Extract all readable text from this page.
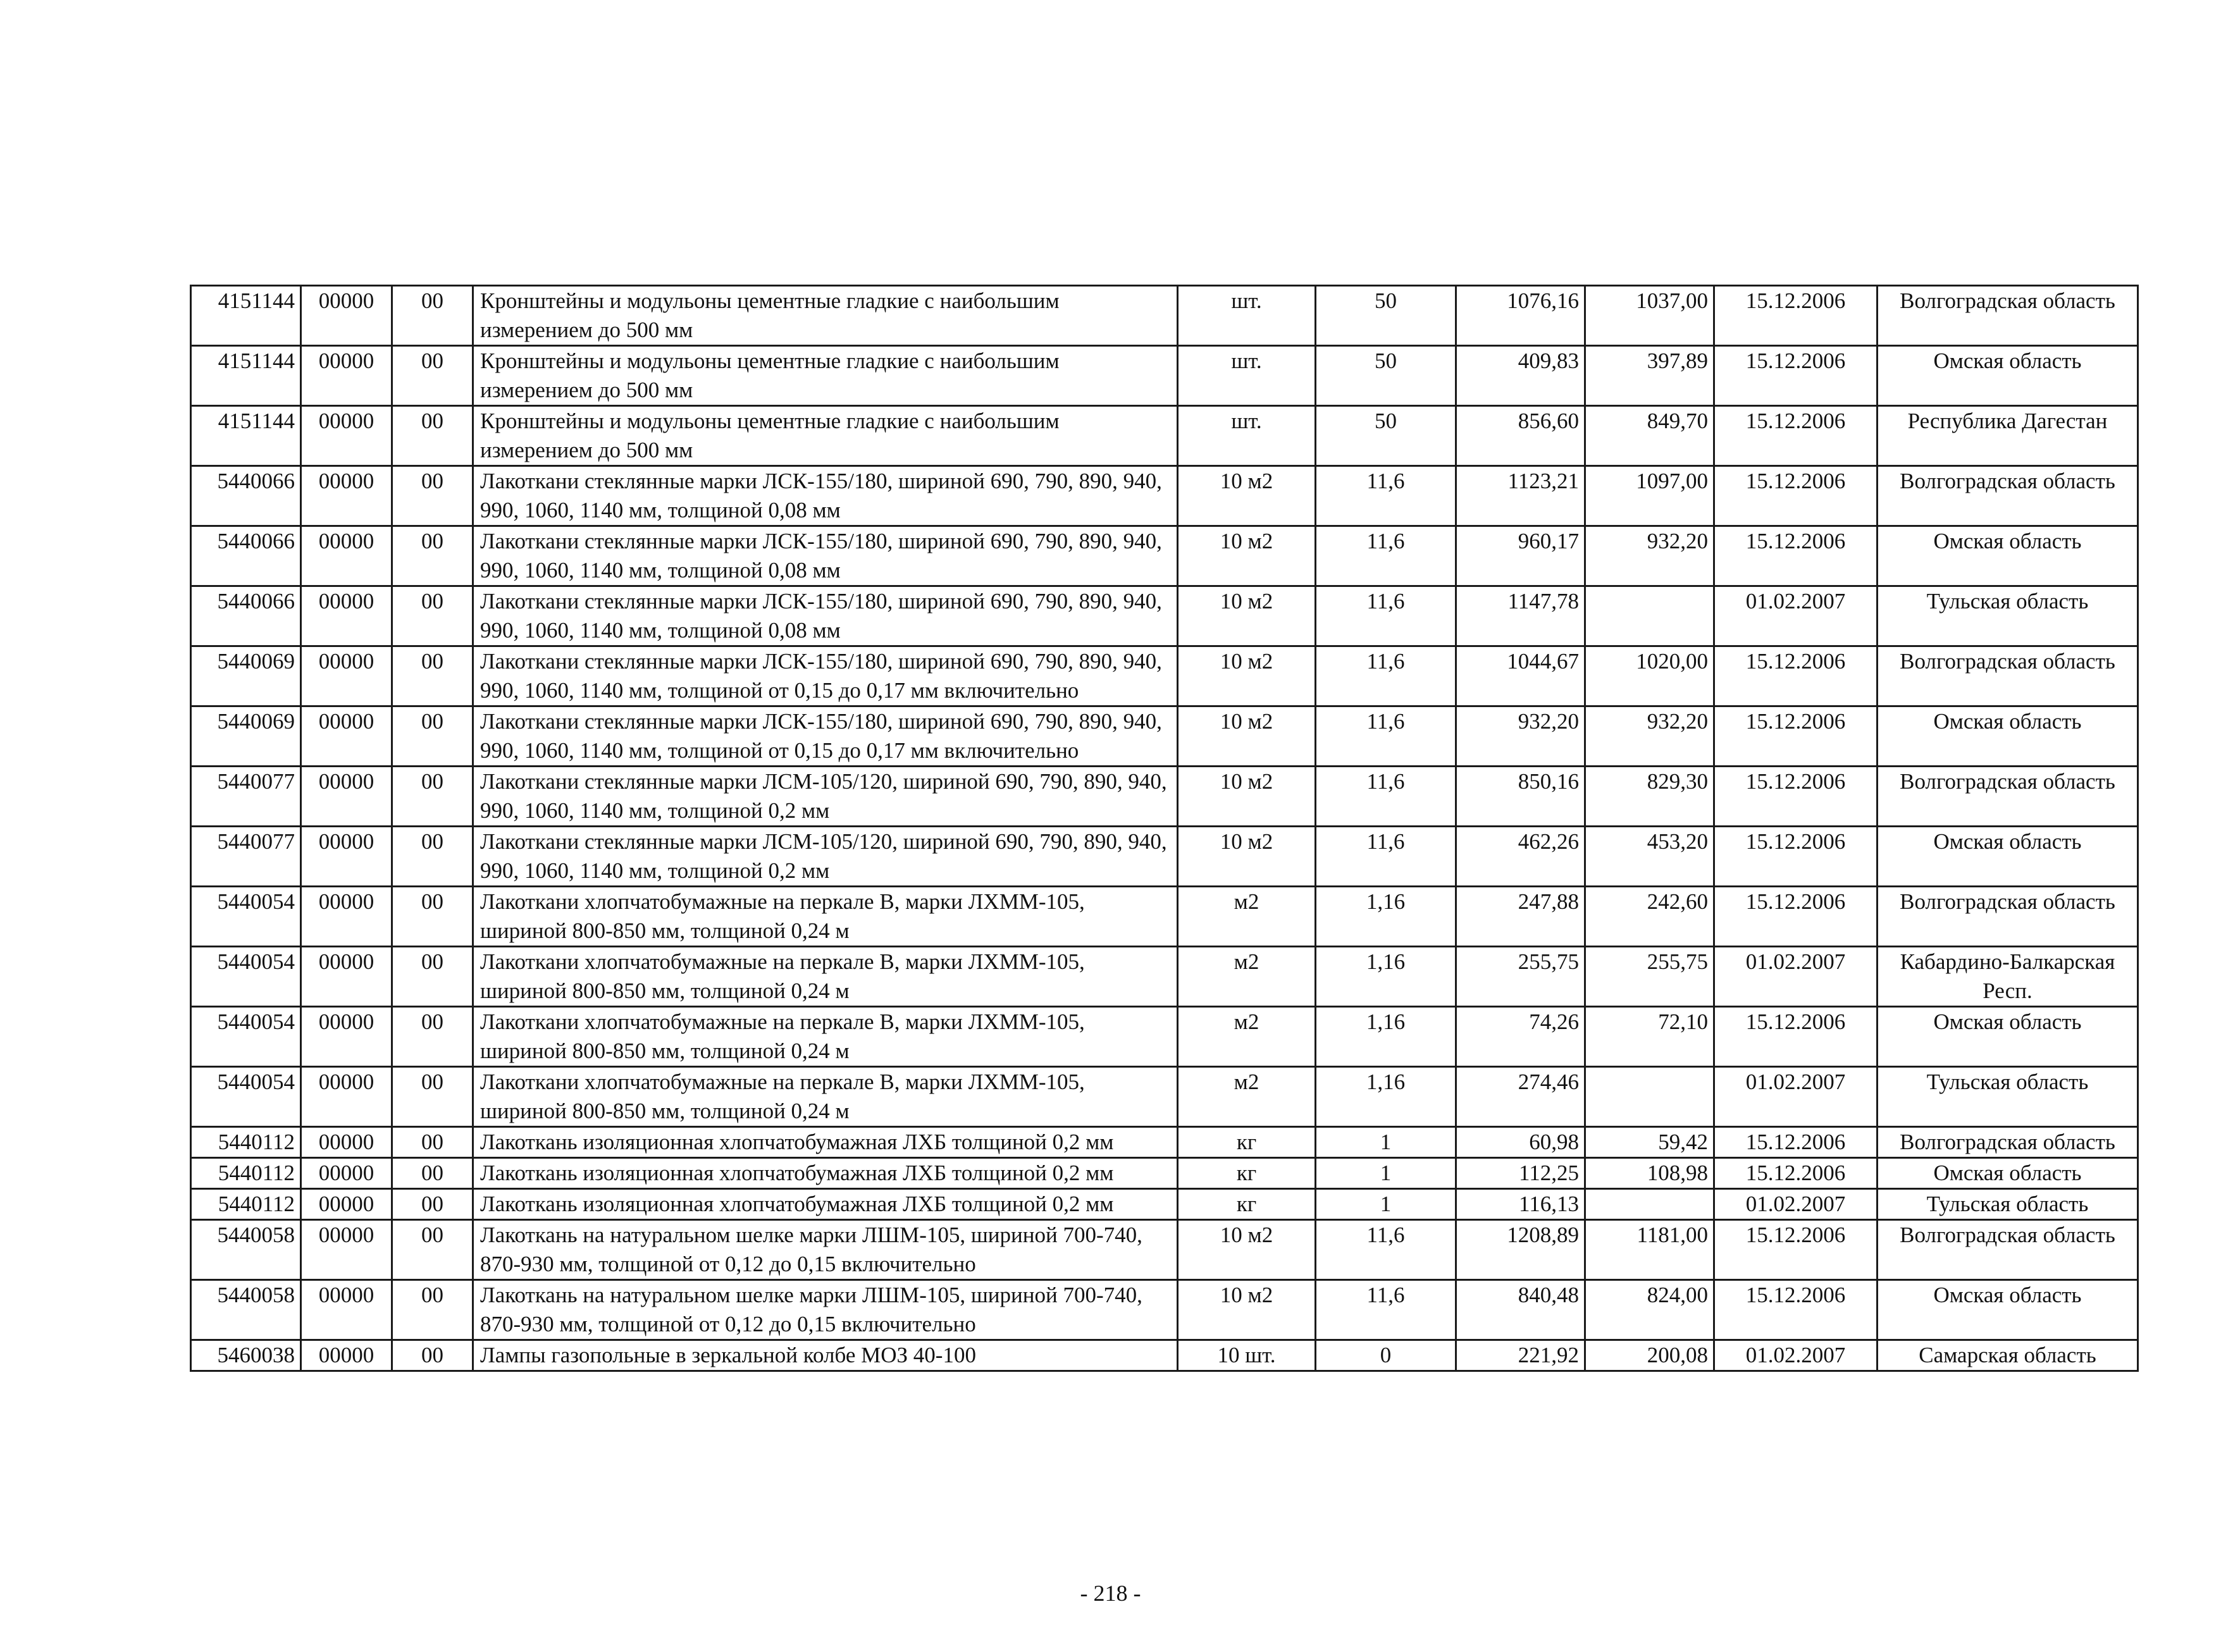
4151144	00000	00	Кронштейны и модульоны цементные гладкие с наибольшим измерением до 500 мм	шт.	50	1076,16	1037,00	15.12.2006	Волгоградская область
4151144	00000	00	Кронштейны и модульоны цементные гладкие с наибольшим измерением до 500 мм	шт.	50	409,83	397,89	15.12.2006	Омская область
4151144	00000	00	Кронштейны и модульоны цементные гладкие с наибольшим измерением до 500 мм	шт.	50	856,60	849,70	15.12.2006	Республика Дагестан
5440066	00000	00	Лакоткани стеклянные марки ЛСК-155/180, шириной 690, 790, 890, 940, 990, 1060, 1140 мм, толщиной 0,08 мм	10 м2	11,6	1123,21	1097,00	15.12.2006	Волгоградская область
5440066	00000	00	Лакоткани стеклянные марки ЛСК-155/180, шириной 690, 790, 890, 940, 990, 1060, 1140 мм, толщиной 0,08 мм	10 м2	11,6	960,17	932,20	15.12.2006	Омская область
5440066	00000	00	Лакоткани стеклянные марки ЛСК-155/180, шириной 690, 790, 890, 940, 990, 1060, 1140 мм, толщиной 0,08 мм	10 м2	11,6	1147,78		01.02.2007	Тульская область
5440069	00000	00	Лакоткани стеклянные марки ЛСК-155/180, шириной 690, 790, 890, 940, 990, 1060, 1140 мм, толщиной от 0,15 до 0,17 мм включительно	10 м2	11,6	1044,67	1020,00	15.12.2006	Волгоградская область
5440069	00000	00	Лакоткани стеклянные марки ЛСК-155/180, шириной 690, 790, 890, 940, 990, 1060, 1140 мм, толщиной от 0,15 до 0,17 мм включительно	10 м2	11,6	932,20	932,20	15.12.2006	Омская область
5440077	00000	00	Лакоткани стеклянные марки ЛСМ-105/120, шириной 690, 790, 890, 940, 990, 1060, 1140 мм, толщиной 0,2 мм	10 м2	11,6	850,16	829,30	15.12.2006	Волгоградская область
5440077	00000	00	Лакоткани стеклянные марки ЛСМ-105/120, шириной 690, 790, 890, 940, 990, 1060, 1140 мм, толщиной 0,2 мм	10 м2	11,6	462,26	453,20	15.12.2006	Омская область
5440054	00000	00	Лакоткани хлопчатобумажные на перкале В, марки ЛХММ-105, шириной 800-850 мм, толщиной 0,24 м	м2	1,16	247,88	242,60	15.12.2006	Волгоградская область
5440054	00000	00	Лакоткани хлопчатобумажные на перкале В, марки ЛХММ-105, шириной 800-850 мм, толщиной 0,24 м	м2	1,16	255,75	255,75	01.02.2007	Кабардино-Балкарская Респ.
5440054	00000	00	Лакоткани хлопчатобумажные на перкале В, марки ЛХММ-105, шириной 800-850 мм, толщиной 0,24 м	м2	1,16	74,26	72,10	15.12.2006	Омская область
5440054	00000	00	Лакоткани хлопчатобумажные на перкале В, марки ЛХММ-105, шириной 800-850 мм, толщиной 0,24 м	м2	1,16	274,46		01.02.2007	Тульская область
5440112	00000	00	Лакоткань изоляционная хлопчатобумажная ЛХБ толщиной 0,2 мм	кг	1	60,98	59,42	15.12.2006	Волгоградская область
5440112	00000	00	Лакоткань изоляционная хлопчатобумажная ЛХБ толщиной 0,2 мм	кг	1	112,25	108,98	15.12.2006	Омская область
5440112	00000	00	Лакоткань изоляционная хлопчатобумажная ЛХБ толщиной 0,2 мм	кг	1	116,13		01.02.2007	Тульская область
5440058	00000	00	Лакоткань на натуральном шелке марки ЛШМ-105, шириной 700-740, 870-930 мм, толщиной от 0,12 до 0,15 включительно	10 м2	11,6	1208,89	1181,00	15.12.2006	Волгоградская область
5440058	00000	00	Лакоткань на натуральном шелке марки ЛШМ-105, шириной 700-740, 870-930 мм, толщиной от 0,12 до 0,15 включительно	10 м2	11,6	840,48	824,00	15.12.2006	Омская область
5460038	00000	00	Лампы газопольные в зеркальной колбе МОЗ 40-100	10 шт.	0	221,92	200,08	01.02.2007	Самарская область
- 218 -
